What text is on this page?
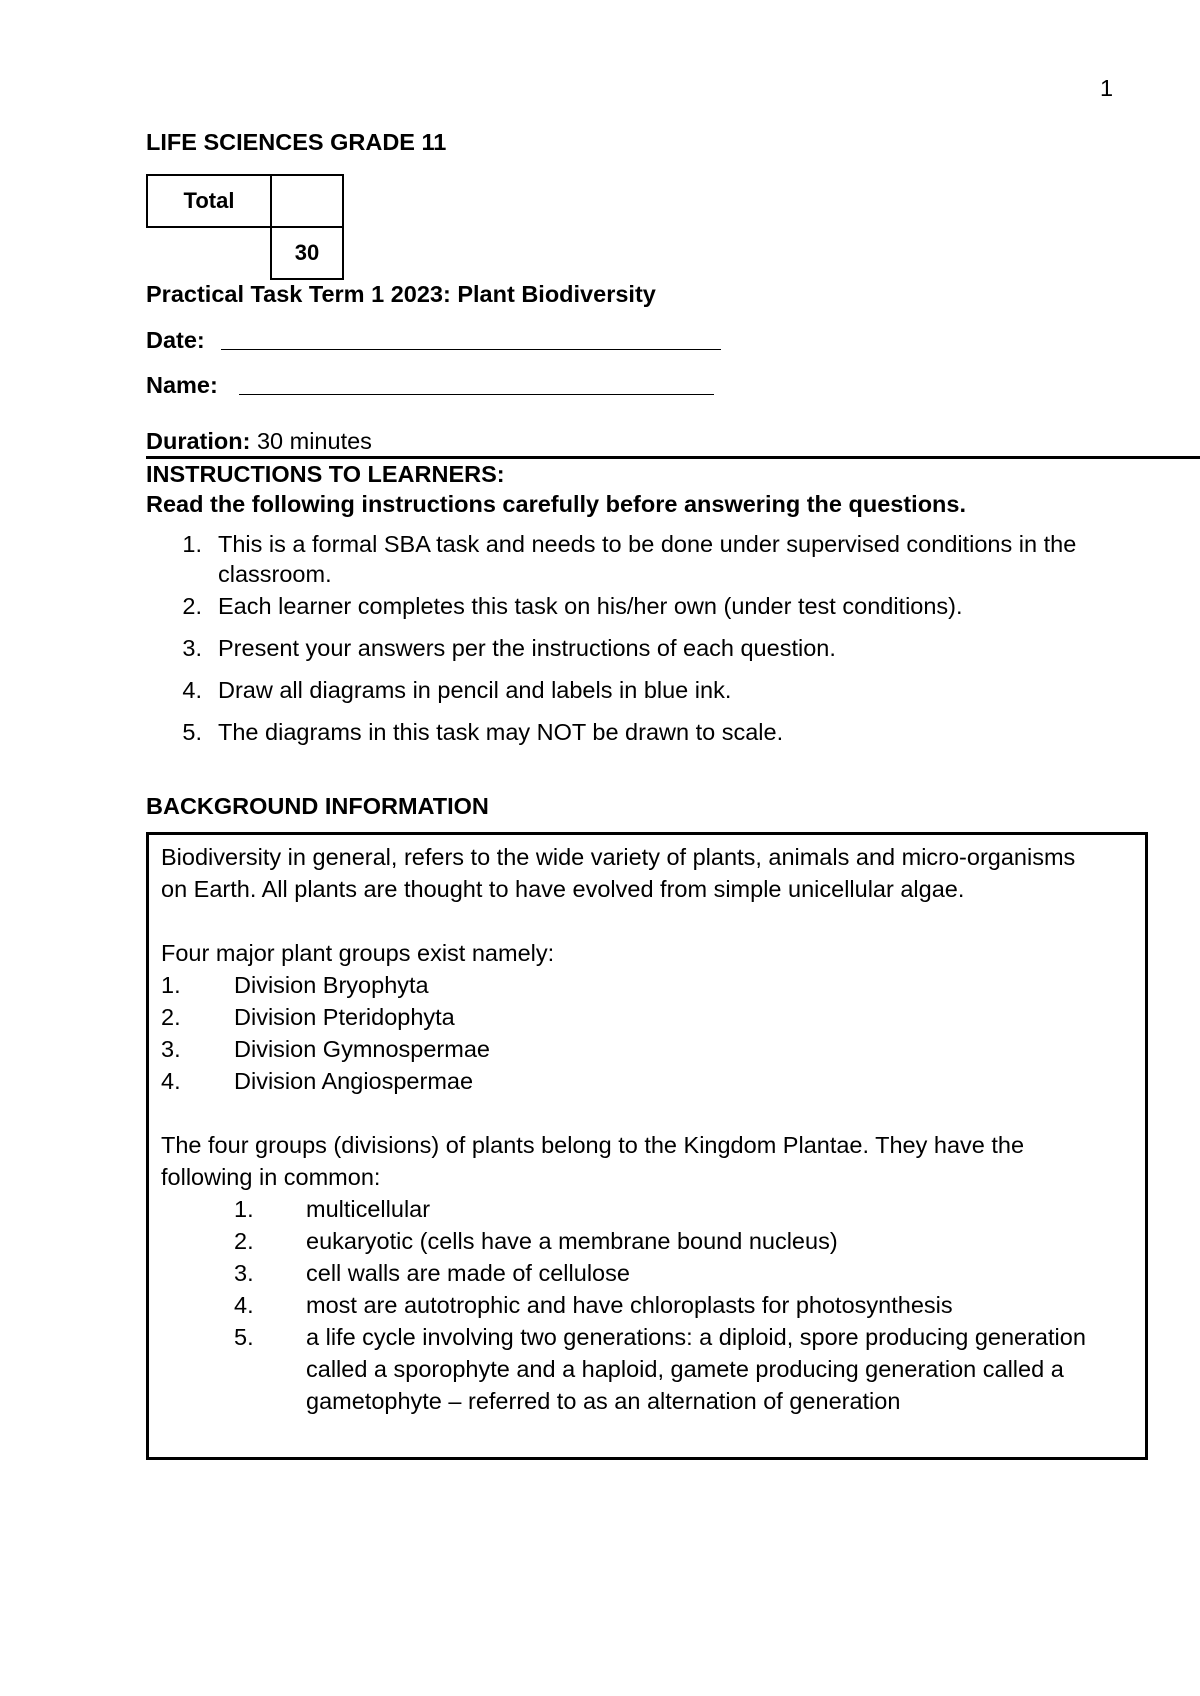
1
LIFE SCIENCES GRADE 11
Total	
	30
Practical Task Term 1 2023: Plant Biodiversity
Date:
Name:
Duration: 30 minutes
INSTRUCTIONS TO LEARNERS:
Read the following instructions carefully before answering the questions.
1. This is a formal SBA task and needs to be done under supervised conditions in the
classroom.
2. Each learner completes this task on his/her own (under test conditions).
3. Present your answers per the instructions of each question.
4. Draw all diagrams in pencil and labels in blue ink.
5. The diagrams in this task may NOT be drawn to scale.
BACKGROUND INFORMATION
Biodiversity in general, refers to the wide variety of plants, animals and micro-organisms
on Earth. All plants are thought to have evolved from simple unicellular algae.
Four major plant groups exist namely:
1. Division Bryophyta
2. Division Pteridophyta
3. Division Gymnospermae
4. Division Angiospermae
The four groups (divisions) of plants belong to the Kingdom Plantae. They have the
following in common:
1. multicellular
2. eukaryotic (cells have a membrane bound nucleus)
3. cell walls are made of cellulose
4. most are autotrophic and have chloroplasts for photosynthesis
5. a life cycle involving two generations: a diploid, spore producing generation
called a sporophyte and a haploid, gamete producing generation called a
gametophyte – referred to as an alternation of generation
